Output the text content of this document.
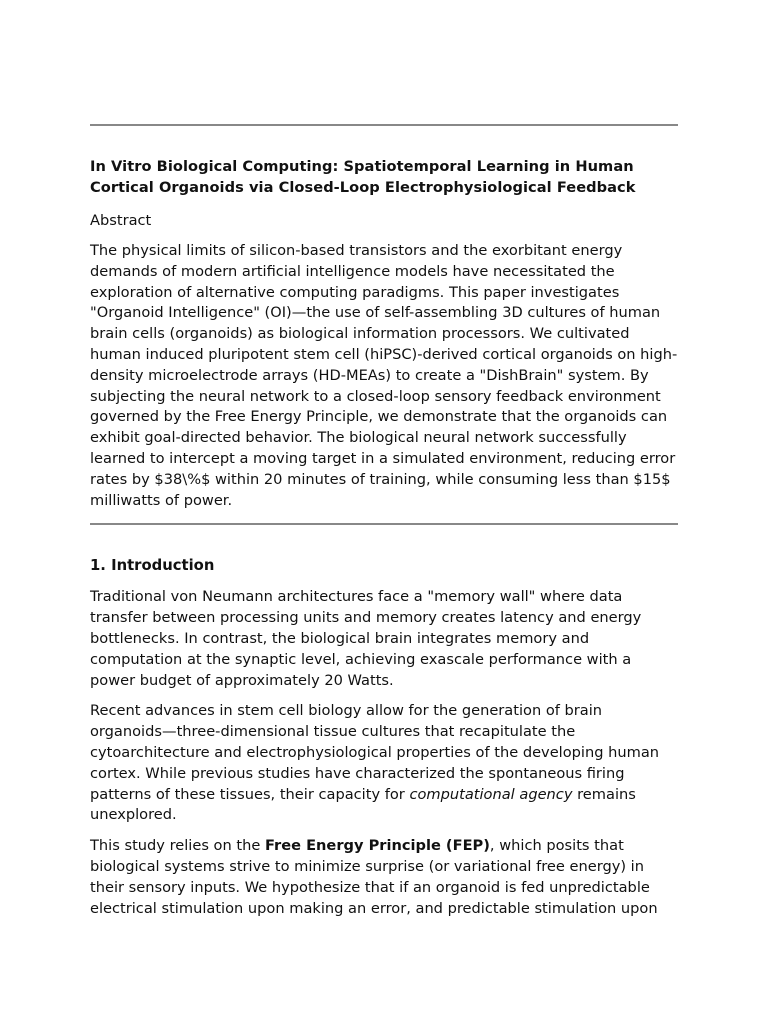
In Vitro Biological Computing: Spatiotemporal Learning in Human Cortical Organoids via Closed-Loop Electrophysiological Feedback
Abstract

The physical limits of silicon-based transistors and the exorbitant energy demands of modern artificial intelligence models have necessitated the exploration of alternative computing paradigms. This paper investigates "Organoid Intelligence" (OI)—the use of self-assembling 3D cultures of human brain cells (organoids) as biological information processors. We cultivated human induced pluripotent stem cell (hiPSC)-derived cortical organoids on high-density microelectrode arrays (HD-MEAs) to create a "DishBrain" system. By subjecting the neural network to a closed-loop sensory feedback environment governed by the Free Energy Principle, we demonstrate that the organoids can exhibit goal-directed behavior. The biological neural network successfully learned to intercept a moving target in a simulated environment, reducing error rates by $38\%$ within 20 minutes of training, while consuming less than $15$ milliwatts of power.

1. Introduction

Traditional von Neumann architectures face a "memory wall" where data transfer between processing units and memory creates latency and energy bottlenecks. In contrast, the biological brain integrates memory and computation at the synaptic level, achieving exascale performance with a power budget of approximately 20 Watts.

Recent advances in stem cell biology allow for the generation of brain organoids—three-dimensional tissue cultures that recapitulate the cytoarchitecture and electrophysiological properties of the developing human cortex. While previous studies have characterized the spontaneous firing patterns of these tissues, their capacity for computational agency remains unexplored.

This study relies on the Free Energy Principle (FEP), which posits that biological systems strive to minimize surprise (or variational free energy) in their sensory inputs. We hypothesize that if an organoid is fed unpredictable electrical stimulation upon making an error, and predictable stimulation upon
